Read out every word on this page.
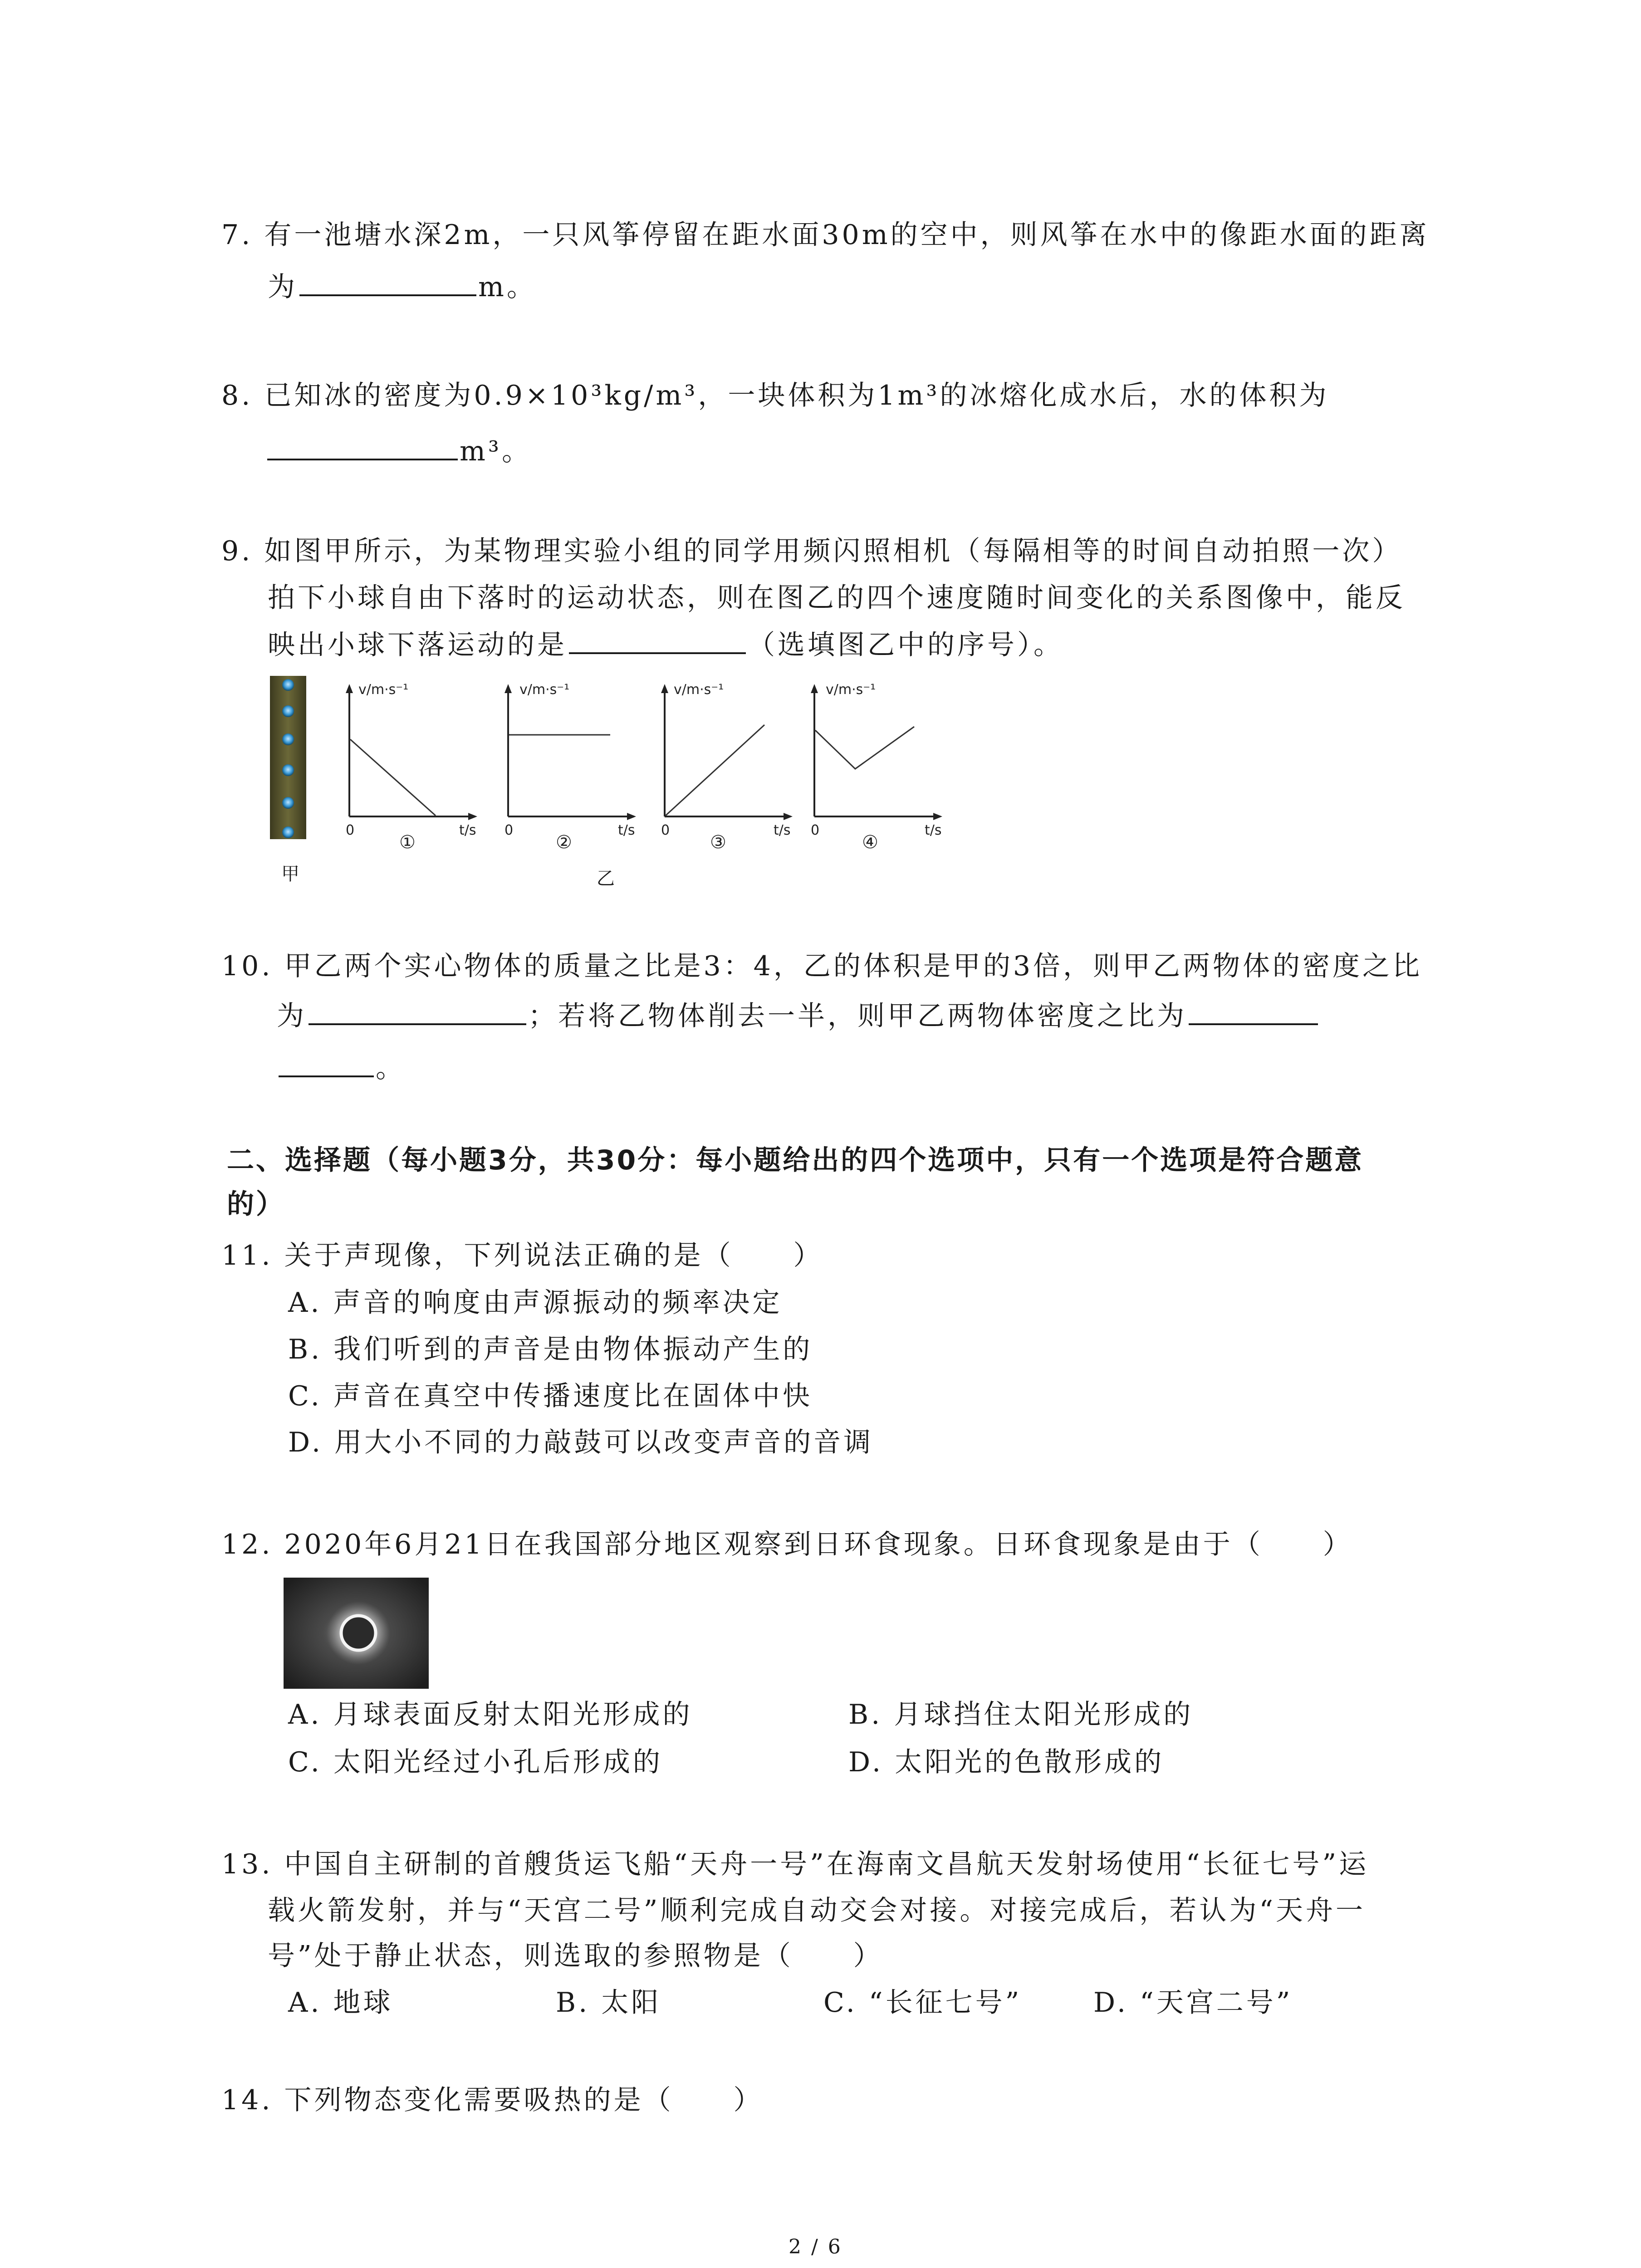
7. 有一池塘水深2m，一只风筝停留在距水面30m的空中，则风筝在水中的像距水面的距离
为	m。
8. 已知冰的密度为0.9×10³kg/m³，一块体积为1m³的冰熔化成水后，水的体积为
m³。
9. 如图甲所示，为某物理实验小组的同学用频闪照相机（每隔相等的时间自动拍照一次）
拍下小球自由下落时的运动状态，则在图乙的四个速度随时间变化的关系图像中，能反
映出小球下落运动的是	（选填图乙中的序号）。
甲	乙
v/m·s⁻¹
t/s
0
①
v/m·s⁻¹
t/s
0
②
v/m·s⁻¹
t/s
0
③
v/m·s⁻¹
t/s
0
④
10. 甲乙两个实心物体的质量之比是3：4，乙的体积是甲的3倍，则甲乙两物体的密度之比
为	；若将乙物体削去一半，则甲乙两物体密度之比为
。
二、选择题（每小题3分，共30分：每小题给出的四个选项中，只有一个选项是符合题意
的）
11. 关于声现像，下列说法正确的是（　　）
A. 声音的响度由声源振动的频率决定
B. 我们听到的声音是由物体振动产生的
C. 声音在真空中传播速度比在固体中快
D. 用大小不同的力敲鼓可以改变声音的音调
12. 2020年6月21日在我国部分地区观察到日环食现象。日环食现象是由于（　　）
A. 月球表面反射太阳光形成的	B. 月球挡住太阳光形成的
C. 太阳光经过小孔后形成的	D. 太阳光的色散形成的
13. 中国自主研制的首艘货运飞船“天舟一号”在海南文昌航天发射场使用“长征七号”运
载火箭发射，并与“天宫二号”顺利完成自动交会对接。对接完成后，若认为“天舟一
号”处于静止状态，则选取的参照物是（　　）
A. 地球	B. 太阳	C. “长征七号”	D. “天宫二号”
14. 下列物态变化需要吸热的是（　　）
2 / 6
